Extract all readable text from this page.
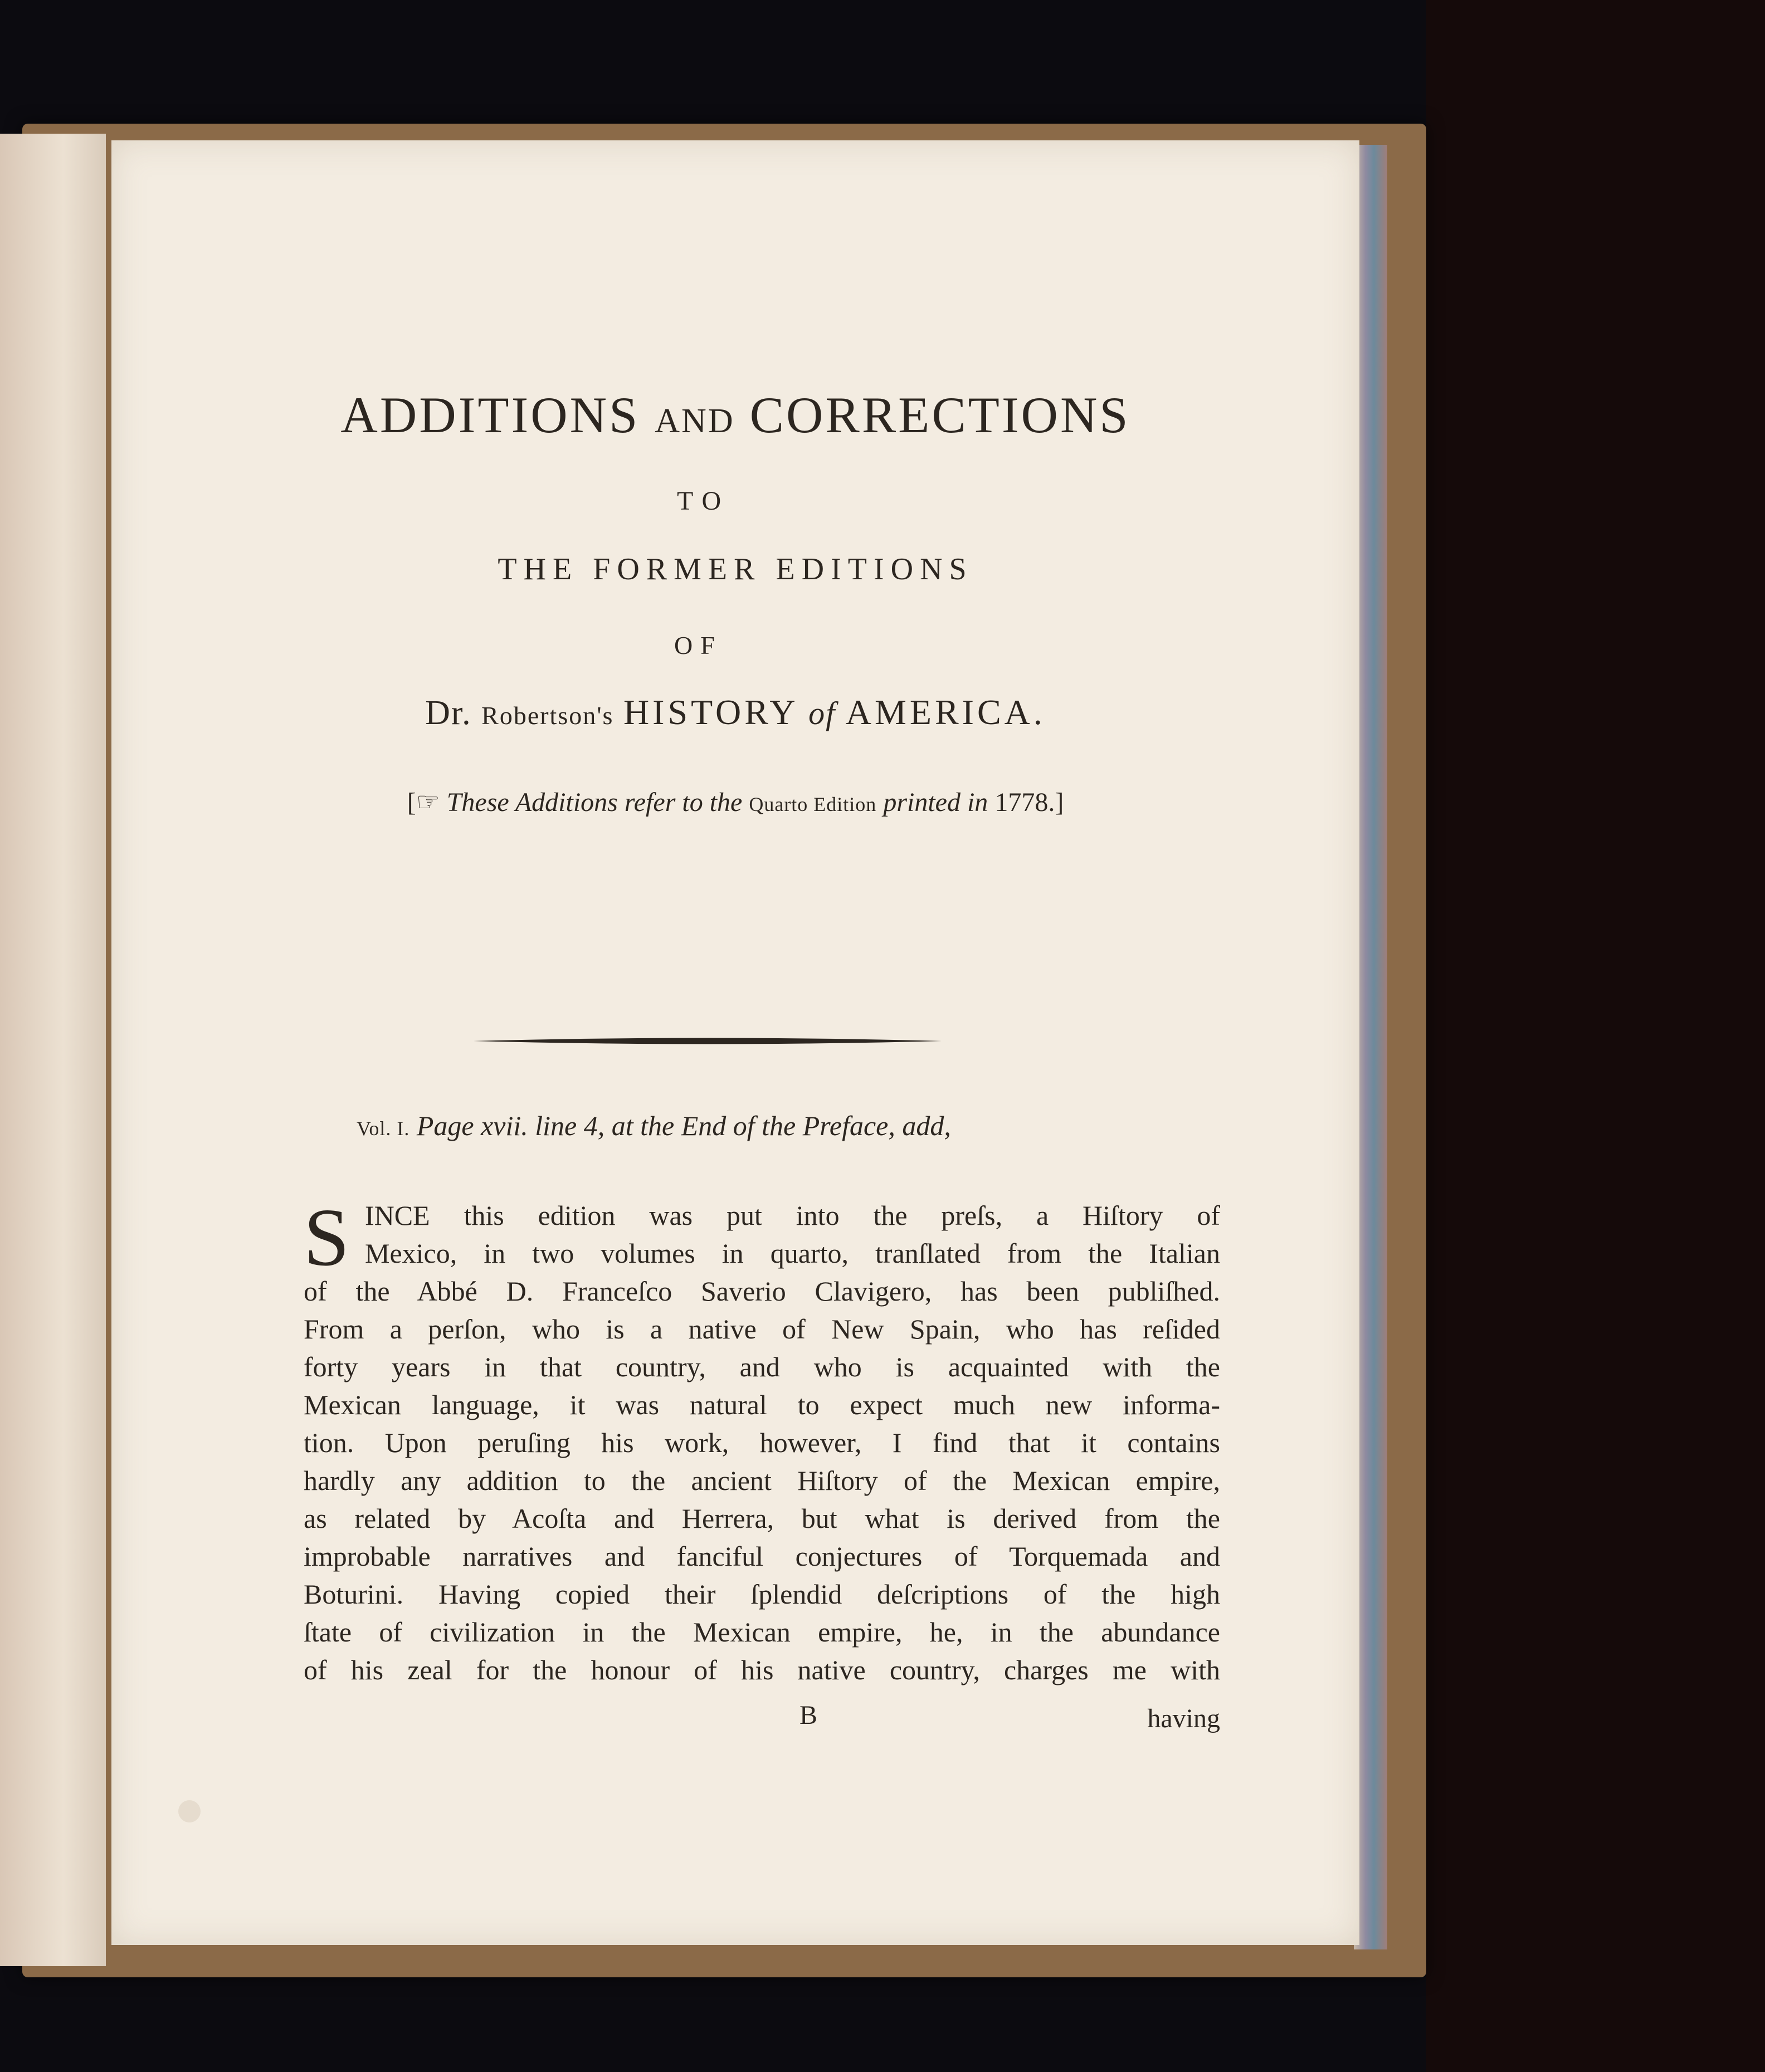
ADDITIONS AND CORRECTIONS
TO
THE FORMER EDITIONS
OF
Dr. Robertson's HISTORY of AMERICA.
[☞ These Additions refer to the Quarto Edition printed in 1778.]
Vol. I. Page xvii. line 4, at the End of the Preface, add,
S INCE this edition was put into the preſs, a Hiſtory of
Mexico, in two volumes in quarto, tranſlated from the Italian
of the Abbé D. Franceſco Saverio Clavigero, has been publiſhed.
From a perſon, who is a native of New Spain, who has reſided
forty years in that country, and who is acquainted with the
Mexican language, it was natural to expect much new informa-
tion. Upon peruſing his work, however, I find that it contains
hardly any addition to the ancient Hiſtory of the Mexican empire,
as related by Acoſta and Herrera, but what is derived from the
improbable narratives and fanciful conjectures of Torquemada and
Boturini. Having copied their ſplendid deſcriptions of the high
ſtate of civilization in the Mexican empire, he, in the abundance
of his zeal for the honour of his native country, charges me with
B	having
